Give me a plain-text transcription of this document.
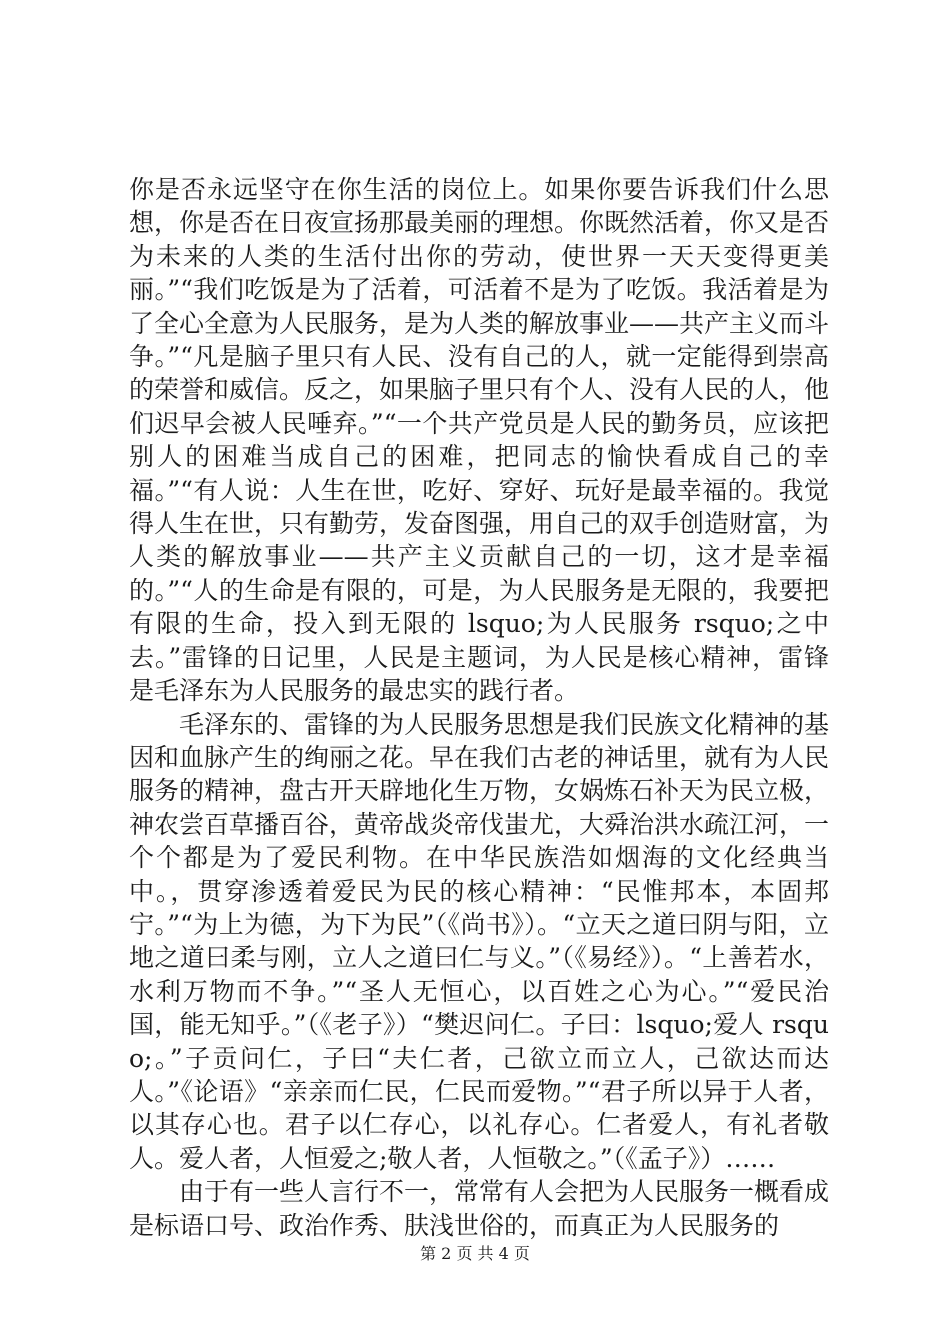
你是否永远坚守在你生活的岗位上。如果你要告诉我们什么思想，你是否在日夜宣扬那最美丽的理想。你既然活着，你又是否为未来的人类的生活付出你的劳动，使世界一天天变得更美丽。”“我们吃饭是为了活着，可活着不是为了吃饭。我活着是为了全心全意为人民服务，是为人类的解放事业——共产主义而斗争。”“凡是脑子里只有人民、没有自己的人，就一定能得到崇高的荣誉和威信。反之，如果脑子里只有个人、没有人民的人，他们迟早会被人民唾弃。”“一个共产党员是人民的勤务员，应该把别人的困难当成自己的困难，把同志的愉快看成自己的幸福。”“有人说：人生在世，吃好、穿好、玩好是最幸福的。我觉得人生在世，只有勤劳，发奋图强，用自己的双手创造财富，为人类的解放事业——共产主义贡献自己的一切，这才是幸福的。”“人的生命是有限的，可是，为人民服务是无限的，我要把有限的生命，投入到无限的 lsquo;为人民服务 rsquo;之中去。”雷锋的日记里，人民是主题词，为人民是核心精神，雷锋是毛泽东为人民服务的最忠实的践行者。

毛泽东的、雷锋的为人民服务思想是我们民族文化精神的基因和血脉产生的绚丽之花。早在我们古老的神话里，就有为人民服务的精神，盘古开天辟地化生万物，女娲炼石补天为民立极，神农尝百草播百谷，黄帝战炎帝伐蚩尤，大舜治洪水疏江河，一个个都是为了爱民利物。在中华民族浩如烟海的文化经典当中。，贯穿渗透着爱民为民的核心精神：“民惟邦本，本固邦宁。”“为上为德，为下为民”（《尚书》）。“立天之道曰阴与阳，立地之道曰柔与刚，立人之道曰仁与义。”（《易经》）。“上善若水，水利万物而不争。”“圣人无恒心，以百姓之心为心。”“爱民治国，能无知乎。”（《老子》）“樊迟问仁。子曰：lsquo;爱人 rsquo;。”子贡问仁，子曰“夫仁者，己欲立而立人，己欲达而达人。”《论语》“亲亲而仁民，仁民而爱物。”“君子所以异于人者，以其存心也。君子以仁存心，以礼存心。仁者爱人，有礼者敬人。爱人者，人恒爱之;敬人者，人恒敬之。”（《孟子》）……

由于有一些人言行不一，常常有人会把为人民服务一概看成是标语口号、政治作秀、肤浅世俗的，而真正为人民服务的

第 2 页 共 4 页
